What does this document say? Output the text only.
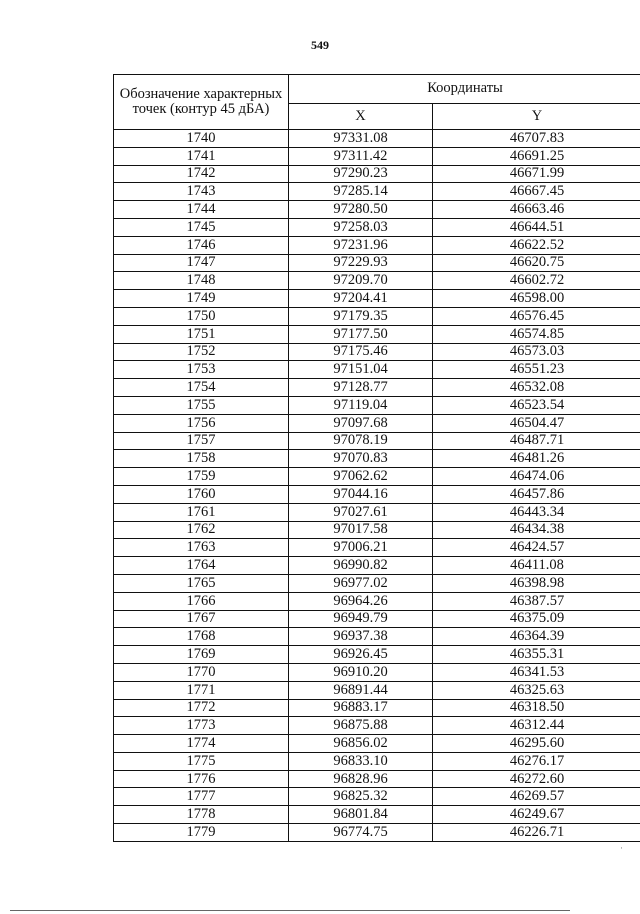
549
Обозначение характерных точек (контур 45 дБА)	Координаты	
	X	Y
1740	97331.08	46707.83
1741	97311.42	46691.25
1742	97290.23	46671.99
1743	97285.14	46667.45
1744	97280.50	46663.46
1745	97258.03	46644.51
1746	97231.96	46622.52
1747	97229.93	46620.75
1748	97209.70	46602.72
1749	97204.41	46598.00
1750	97179.35	46576.45
1751	97177.50	46574.85
1752	97175.46	46573.03
1753	97151.04	46551.23
1754	97128.77	46532.08
1755	97119.04	46523.54
1756	97097.68	46504.47
1757	97078.19	46487.71
1758	97070.83	46481.26
1759	97062.62	46474.06
1760	97044.16	46457.86
1761	97027.61	46443.34
1762	97017.58	46434.38
1763	97006.21	46424.57
1764	96990.82	46411.08
1765	96977.02	46398.98
1766	96964.26	46387.57
1767	96949.79	46375.09
1768	96937.38	46364.39
1769	96926.45	46355.31
1770	96910.20	46341.53
1771	96891.44	46325.63
1772	96883.17	46318.50
1773	96875.88	46312.44
1774	96856.02	46295.60
1775	96833.10	46276.17
1776	96828.96	46272.60
1777	96825.32	46269.57
1778	96801.84	46249.67
1779	96774.75	46226.71
·
